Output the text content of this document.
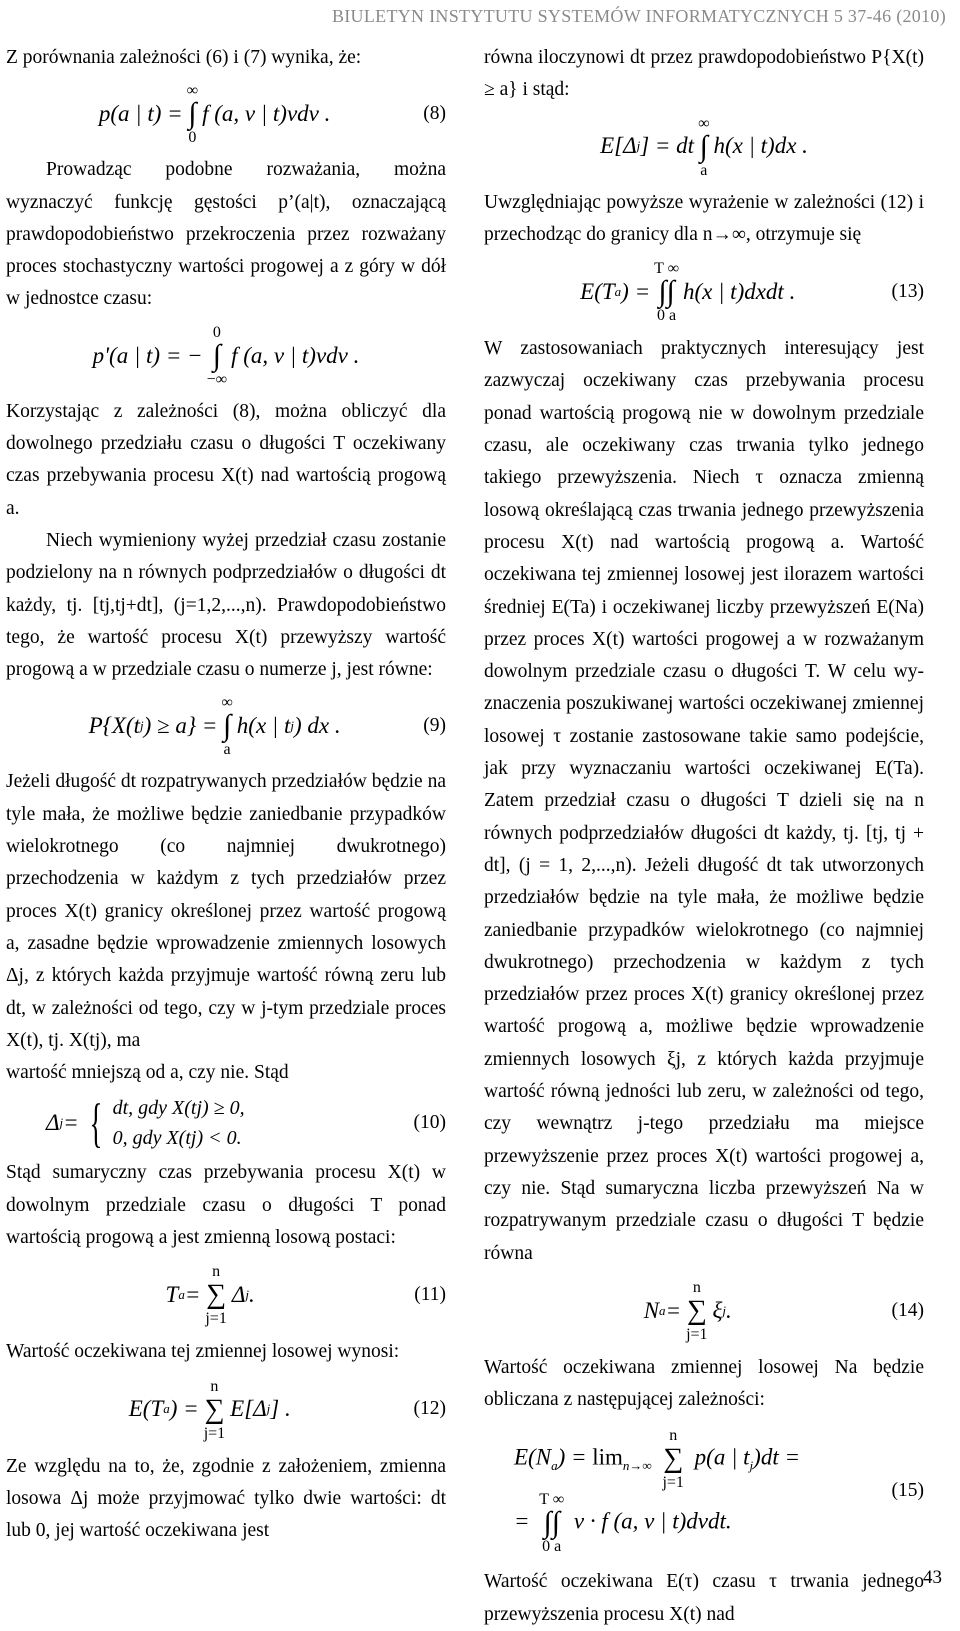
BIULETYN INSTYTUTU SYSTEMÓW INFORMATYCZNYCH 5 37-46 (2010)

Z porównania zależności (6) i (7) wynika, że:

p(a | t) =
∞
∫
0
f (a, v | t)vdv .	(8)

Prowadząc podobne rozważania, można wyznaczyć funkcję gęstości p’(a|t), oznaczającą prawdopodobieństwo przekroczenia przez rozważany proces stochastyczny wartości progowej a z góry w dół w jednostce czasu:

p'(a | t) = −
0
∫
−∞
f (a, v | t)vdv .

Korzystając z zależności (8), można obliczyć dla dowolnego przedziału czasu o długości T oczekiwany czas przebywania procesu X(t) nad wartością progową a.

Niech wymieniony wyżej przedział czasu zostanie podzielony na n równych podprzedziałów o długości dt każdy, tj. [tj,tj+dt], (j=1,2,...,n). Prawdopodobieństwo tego, że wartość procesu X(t) przewyższy wartość progową a w przedziale czasu o numerze j, jest równe:

P{X(t j ) ≥ a} =
∞
∫
a
h(x | t j ) dx .	(9)

Jeżeli długość dt rozpatrywanych przedziałów będzie na tyle mała, że możliwe będzie zaniedbanie przypadków wielokrotnego (co najmniej dwukrotnego) przechodzenia w każdym z tych przedziałów przez proces X(t) granicy określonej przez wartość progową a, zasadne będzie wprowadzenie zmiennych losowych Δj, z których każda przyjmuje wartość równą zeru lub dt, w zależności od tego, czy w j-tym przedziale proces X(t), tj. X(tj), ma

wartość mniejszą od a, czy nie. Stąd

Δ j = { dt, gdy X(tj) ≥ 0,
0, gdy X(tj) < 0.
(10)

Stąd sumaryczny czas przebywania procesu X(t) w dowolnym przedziale czasu o długości T ponad wartością progową a jest zmienną losową postaci:

T a =
n
∑
j=1
Δ j .	(11)

Wartość oczekiwana tej zmiennej losowej wynosi:

E(T a ) =
n
∑
j=1
E[Δ j ] .	(12)

Ze względu na to, że, zgodnie z założeniem, zmienna losowa Δj może przyjmować tylko dwie wartości: dt lub 0, jej wartość oczekiwana jest

równa iloczynowi dt przez prawdopodobieństwo P{X(t) ≥ a} i stąd:

E[Δ j ] = dt
∞
∫
a
h(x | t)dx .

Uwzględniając powyższe wyrażenie w zależności (12) i przechodząc do granicy dla n→∞, otrzymuje się

E(T a ) =
T ∞
∫∫
0 a
h(x | t)dxdt .	(13)

W zastosowaniach praktycznych interesujący jest zazwyczaj oczekiwany czas przebywania procesu ponad wartością progową nie w dowolnym przedziale czasu, ale oczekiwany czas trwania tylko jednego takiego przewyższenia. Niech τ oznacza zmienną losową określającą czas trwania jednego przewyższenia procesu X(t) nad wartością progową a. Wartość oczekiwana tej zmiennej losowej jest ilorazem wartości średniej E(Ta) i oczekiwanej liczby przewyższeń E(Na) przez proces X(t) wartości progowej a w rozważanym dowolnym przedziale czasu o długości T. W celu wy-znaczenia poszukiwanej wartości oczekiwanej zmiennej losowej τ zostanie zastosowane takie samo podejście, jak przy wyznaczaniu wartości oczekiwanej E(Ta). Zatem przedział czasu o długości T dzieli się na n równych podprzedziałów długości dt każdy, tj. [tj, tj + dt], (j = 1, 2,...,n). Jeżeli długość dt tak utworzonych przedziałów będzie na tyle mała, że możliwe będzie zaniedbanie przypadków wielokrotnego (co najmniej dwukrotnego) przechodzenia w każdym z tych przedziałów przez proces X(t) granicy określonej przez wartość progową a, możliwe będzie wprowadzenie zmiennych losowych ξj, z których każda przyjmuje wartość równą jedności lub zeru, w zależności od tego, czy wewnątrz j-tego przedziału ma miejsce przewyższenie przez proces X(t) wartości progowej a, czy nie. Stąd sumaryczna liczba przewyższeń Na w rozpatrywanym przedziale czasu o długości T będzie równa

N a =
n
∑
j=1
ξ j .	(14)

Wartość oczekiwana zmiennej losowej Na będzie obliczana z następującej zależności:

$E(N_a) = \lim_{n\to\infty}$
n
∑
j=1
p(a | $t_j)dt$ =
=
T ∞
∫∫
0 a
v · f (a, v | t)dvdt.
(15)

Wartość oczekiwana E(τ) czasu τ trwania jednego przewyższenia procesu X(t) nad

43
